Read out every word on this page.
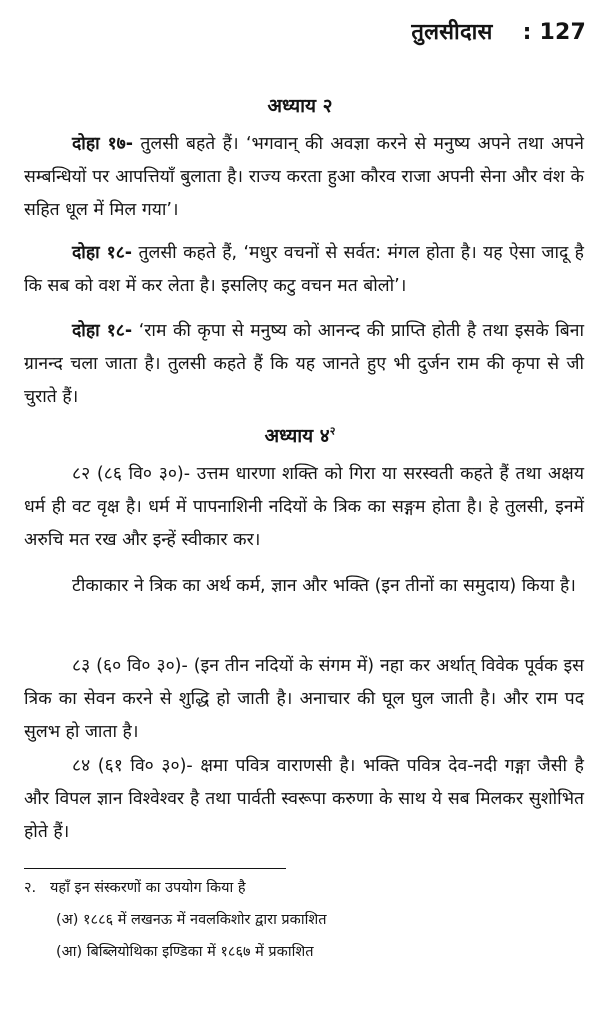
तुलसीदास : 127
अध्याय २
दोहा १७- तुलसी बहते हैं। ‘भगवान् की अवज्ञा करने से मनुष्य अपने तथा अपने सम्बन्धियों पर आपत्तियाँ बुलाता है। राज्य करता हुआ कौरव राजा अपनी सेना और वंश के सहित धूल में मिल गया’।
दोहा १८- तुलसी कहते हैं, ‘मधुर वचनों से सर्वत: मंगल होता है। यह ऐसा जादू है कि सब को वश में कर लेता है। इसलिए कटु वचन मत बोलो’।
दोहा १८- ‘राम की कृपा से मनुष्य को आनन्द की प्राप्ति होती है तथा इसके बिना ग्रानन्द चला जाता है। तुलसी कहते हैं कि यह जानते हुए भी दुर्जन राम की कृपा से जी चुराते हैं।
अध्याय $४^२$
८२ (८६ वि० ३०)- उत्तम धारणा शक्ति को गिरा या सरस्वती कहते हैं तथा अक्षय धर्म ही वट वृक्ष है। धर्म में पापनाशिनी नदियों के त्रिक का सङ्गम होता है। हे तुलसी, इनमें अरुचि मत रख और इन्हें स्वीकार कर।
टीकाकार ने त्रिक का अर्थ कर्म, ज्ञान और भक्ति (इन तीनों का समुदाय) किया है।
८३ (६० वि० ३०)- (इन तीन नदियों के संगम में) नहा कर अर्थात् विवेक पूर्वक इस त्रिक का सेवन करने से शुद्धि हो जाती है। अनाचार की घूल घुल जाती है। और राम पद सुलभ हो जाता है।
८४ (६१ वि० ३०)- क्षमा पवित्र वाराणसी है। भक्ति पवित्र देव-नदी गङ्गा जैसी है और विपल ज्ञान विश्वेश्वर है तथा पार्वती स्वरूपा करुणा के साथ ये सब मिलकर सुशोभित होते हैं।
२. यहाँ इन संस्करणों का उपयोग किया है
(अ) १८८६ में लखनऊ में नवलकिशोर द्वारा प्रकाशित
(आ) बिब्लियोथिका इण्डिका में १८६७ में प्रकाशित
